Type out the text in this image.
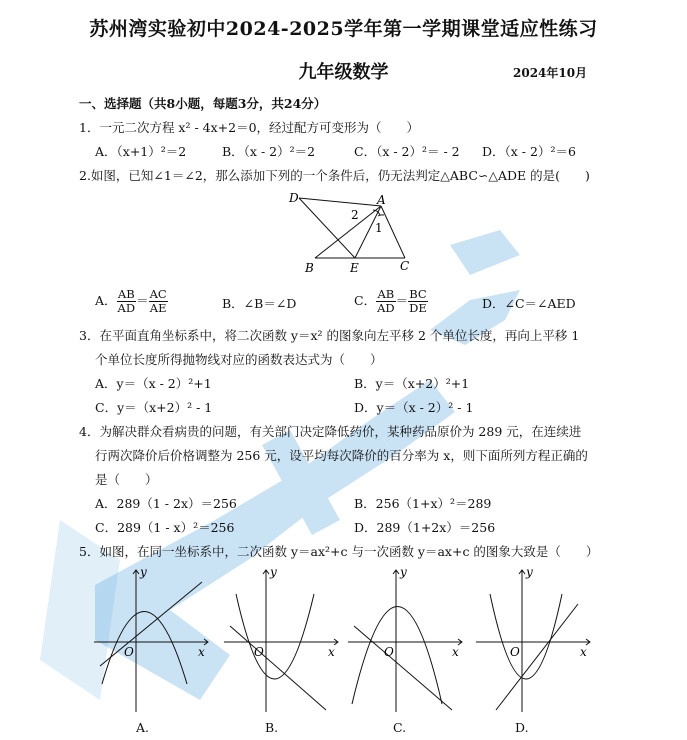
苏州湾实验初中2024-2025学年第一学期课堂适应性练习
九年级数学	2024年10月
一、选择题（共8小题，每题3分，共24分）
1．一元二次方程 x² - 4x+2＝0，经过配方可变形为（　　）
A．（x+1）²＝2	B．（x - 2）²＝2	C．（x - 2）²＝ - 2 D．（x - 2）²＝6
2.如图，已知∠1＝∠2，那么添加下列的一个条件后，仍无法判定△ABC∽△ADE 的是(　　)
D	A
2
1
B	E	C
A． $\frac{AB}{AD} = \frac{AC}{AE}$	B．∠B＝∠D	C． $\frac{AB}{AD} = \frac{BC}{DE}$	D．∠C＝∠AED
3．在平面直角坐标系中，将二次函数 y＝x² 的图象向左平移 2 个单位长度，再向上平移 1
个单位长度所得抛物线对应的函数表达式为（　　）
A．y＝（x - 2）²+1	B．y＝（x+2）²+1
C．y＝（x+2）² - 1	D．y＝（x - 2）² - 1
4．为解决群众看病贵的问题，有关部门决定降低药价，某种药品原价为 289 元，在连续进
行两次降价后价格调整为 256 元，设平均每次降价的百分率为 x，则下面所列方程正确的
是（　　）
A．289（1 - 2x）＝256	B．256（1+x）²＝289
C．289（1 - x）²＝256	D．289（1+2x）＝256
5．如图，在同一坐标系中，二次函数 y＝ax²+c 与一次函数 y＝ax+c 的图象大致是（　　）
y
x
O
A.
y
x
O
B.
y
x
O
C.
y
x
O
D.
